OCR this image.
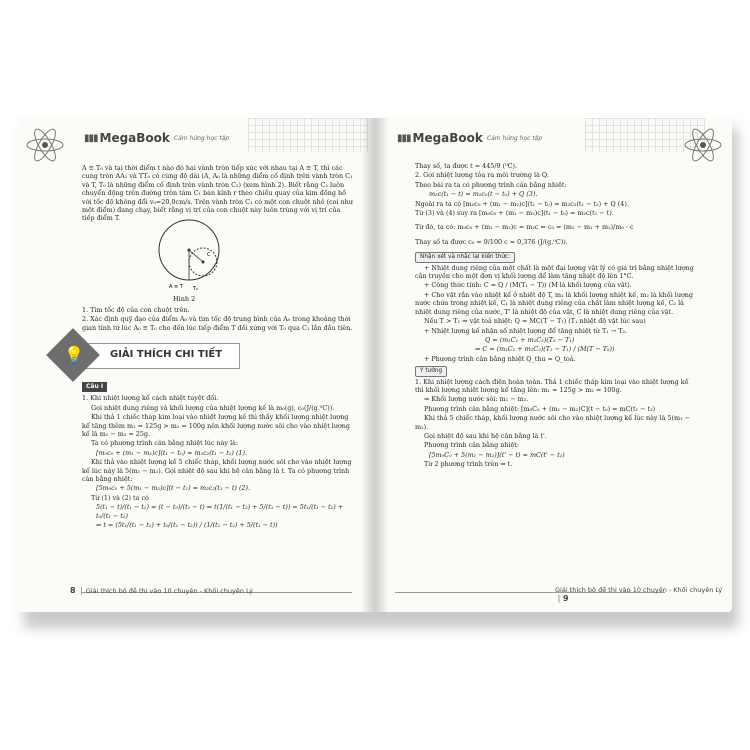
▮▮▮ MegaBook Cảm hứng học tập

A ≡ T₀ và tại thời điểm t nào đó hai vành tròn tiếp xúc với nhau tại A ≡ T, thì các cung tròn AA₁ và TT₀ có cùng độ dài (A, A₀ là những điểm cố định trên vành tròn C₁ và T, T₀ là những điểm cố định trên vành tròn C₂) (xem hình 2). Biết rằng C₂ luôn chuyển động trên đường tròn tâm C₁ bán kính r theo chiều quay của kim đồng hồ với tốc độ không đổi v₀=20,0cm/s. Trên vành tròn C₁ có một con chuột nhỏ (coi như một điểm) đang chạy, biết rằng vị trí của con chuột này luôn trùng với vị trí của tiếp điểm T.

A ≡ T T₀
C
Hình 2

1. Tìm tốc độ của con chuột trên.

2. Xác định quỹ đạo của điểm A₀ và tìm tốc độ trung bình của A₀ trong khoảng thời gian tính từ lúc A₀ ≡ T₀ cho đến lúc tiếp điểm T đối xứng với T₀ qua C₁ lần đầu tiên.

💡	GIẢI THÍCH CHI TIẾT
Câu I

1. Khi nhiệt lượng kế cách nhiệt tuyệt đối.

Gọi nhiệt dung riêng và khối lượng của nhiệt lượng kế là m₀(g), c₀(J/(g.⁰C)).

Khi thả 1 chiếc tháp kim loại vào nhiệt lượng kế thì thấy khối lượng nhiệt lượng kế tăng thêm m₁ = 125g > m₂ = 100g nên khối lượng nước sôi cho vào nhiệt lượng kế là m₁ − m₂ = 25g.

Ta có phương trình cân bằng nhiệt lúc này là:

[m₀c₀ + (m₁ − m₂)c](t₁ − t₀) = m₂c₂(t₁ − t₂) (1).

Khi thả vào nhiệt lượng kế 5 chiếc tháp, khối lượng nước sôi cho vào nhiệt lượng kế lúc này là 5(m₁ − m₂). Gọi nhiệt độ sau khi hệ cân bằng là t. Ta có phương trình cân bằng nhiệt:

[5m₀c₀ + 5(m₁ − m₂)c](t − t₁) = m₂c₂(t₁ − t) (2).

Từ (1) và (2) ta có

5(t₁ − t)/(t₁ − t₂) = (t − t₀)/(t₁ − t) ⇒ t(1/(t₁ − t₂) + 5/(t₁ − t)) = 5t₁/(t₁ − t₂) + t₀/(t₁ − t₂)

⇒ t = (5t₁/(t₁ − t₂) + t₀/(t₁ − t₂)) / (1/(t₁ − t₂) + 5/(t₁ − t))

8  │ Giải thích bộ đề thi vào 10 chuyên - Khối chuyên Lý
▮▮▮ MegaBook Cảm hứng học tập

Thay số, ta được t = 445/9 (⁰C).

2. Gọi nhiệt lượng tỏa ra môi trường là Q.

Theo bài ra ta có phương trình cân bằng nhiệt:

m₂c(t₁ − t) = m₂c₀(t − t₀) + Q (3).

Ngoài ra ta có [m₀c₀ + (m₁ − m₂)c](t₁ − t₀) = m₂c₂(t₁ − t₂) + Q (4).

Từ (3) và (4) suy ra [m₀c₀ + (m₁ − m₂)c](t₁ − t₀) = m₂c(t₁ − t).

Từ đó, ta có: m₀c₀ + (m₁ − m₂)c = m₂c ⇔ c₀ = (m₂ − m₁ + m₂)/m₀ · c

Thay số ta được c₀ = 9/100 c = 0,376 (J/(g.⁰C)).

Nhận xét và nhắc lại kiến thức:

+ Nhiệt dung riêng của một chất là một đại lượng vật lý có giá trị bằng nhiệt lượng cần truyền cho một đơn vị khối lượng để làm tăng nhiệt độ lên 1°C.

+ Công thức tính: C = Q / (M(T₁ − T)) (M là khối lượng của vật).

+ Cho vật rắn vào nhiệt kế ở nhiệt độ T, m₁ là khối lượng nhiệt kế, m₂ là khối lượng nước chứa trong nhiệt kế, C₁ là nhiệt dung riêng của chất làm nhiệt lượng kế, C₂ là nhiệt dung riêng của nước, T' là nhiệt độ của vật, C là nhiệt dung riêng của vật.

Nếu T > T₁ ⇒ vật toả nhiệt: Q = MC(T − T₁) (T₁ nhiệt độ vật lúc sau)

+ Nhiệt lượng kế nhận số nhiệt lượng để tăng nhiệt từ T₁ → T₂.

Q = (m₁C₁ + m₂C₂)(T₂ − T₁)

⇒ C = (m₁C₁ + m₂C₂)(T₂ − T₁) / (M(T − T₂))

+ Phương trình cân bằng nhiệt Q_thu = Q_toả.

Ý tưởng

1. Khi nhiệt lượng cách điện hoàn toàn. Thả 1 chiếc tháp kim loại vào nhiệt lượng kế thì khối lượng nhiệt lượng kế tăng lên: m₁ = 125g > m₂ = 100g.

⇒ Khối lượng nước sôi: m₁ − m₂.

Phương trình cân bằng nhiệt: [m₀C₀ + (m₁ − m₂)C](t − t₀) = mC(t₁ − t₂)

Khi thả 5 chiếc tháp, khối lượng nước sôi cho vào nhiệt lượng kế lúc này là 5(m₁ − m₂).

Gọi nhiệt độ sau khi hệ cân bằng là t'.

Phương trình cân bằng nhiệt:

[5m₀C₀ + 5(m₁ − m₂)](t' − t) = mC(t' − t₂)

Từ 2 phương trình trên ⇒ t.

Giải thích bộ đề thi vào 10 chuyên - Khối chuyên Lý  │ 9
